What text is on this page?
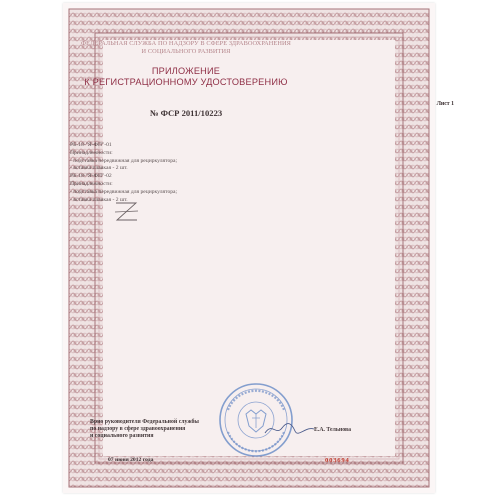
ФЕДЕРАЛЬНАЯ СЛУЖБА ПО НАДЗОРУ В СФЕРЕ ЗДРАВООХРАНЕНИЯ
И СОЦИАЛЬНОГО РАЗВИТИЯ
ПРИЛОЖЕНИЕ
К РЕГИСТРАЦИОННОМУ УДОСТОВЕРЕНИЮ
Лист 1
№ ФСР 2011/10223
РБ-18-"Я-ФП"-01
Принадлежности:
- подставка передвижная для рециркулятора;
- вставка плавкая - 2 шт.
РБ-18-"Я-ФП"-02
Принадлежности:
- подставка передвижная для рециркулятора;
- вставка плавкая - 2 шт.
Врио руководителя Федеральной службы
по надзору в сфере здравоохранения
и социального развития
Е.А. Тельнова
07 июня 2012 года	003694
